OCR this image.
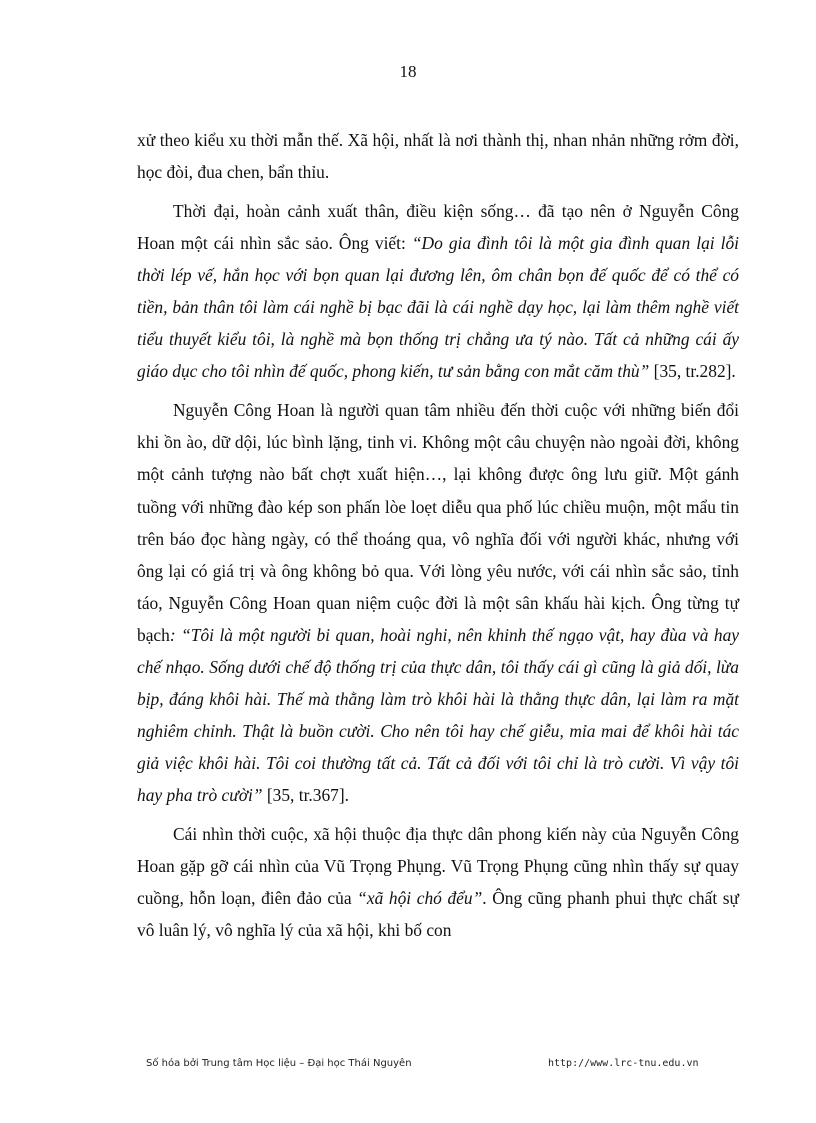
18

xử theo kiểu xu thời mẫn thế. Xã hội, nhất là nơi thành thị, nhan nhản những rởm đời, học đòi, đua chen, bẩn thỉu.

Thời đại, hoàn cảnh xuất thân, điều kiện sống… đã tạo nên ở Nguyễn Công Hoan một cái nhìn sắc sảo. Ông viết: “Do gia đình tôi là một gia đình quan lại lỗi thời lép vế, hắn học với bọn quan lại đương lên, ôm chân bọn đế quốc để có thể có tiền, bản thân tôi làm cái nghề bị bạc đãi là cái nghề dạy học, lại làm thêm nghề viết tiểu thuyết kiểu tôi, là nghề mà bọn thống trị chẳng ưa tý nào. Tất cả những cái ấy giáo dục cho tôi nhìn đế quốc, phong kiến, tư sản bằng con mắt căm thù” [35, tr.282].

Nguyễn Công Hoan là người quan tâm nhiều đến thời cuộc với những biến đổi khi ồn ào, dữ dội, lúc bình lặng, tinh vi. Không một câu chuyện nào ngoài đời, không một cảnh tượng nào bất chợt xuất hiện…, lại không được ông lưu giữ. Một gánh tuồng với những đào kép son phấn lòe loẹt diễu qua phố lúc chiều muộn, một mẩu tin trên báo đọc hàng ngày, có thể thoáng qua, vô nghĩa đối với người khác, nhưng với ông lại có giá trị và ông không bỏ qua. Với lòng yêu nước, với cái nhìn sắc sảo, tỉnh táo, Nguyễn Công Hoan quan niệm cuộc đời là một sân khấu hài kịch. Ông từng tự bạch: “Tôi là một người bi quan, hoài nghi, nên khinh thế ngạo vật, hay đùa và hay chế nhạo. Sống dưới chế độ thống trị của thực dân, tôi thấy cái gì cũng là giả dối, lừa bịp, đáng khôi hài. Thế mà thằng làm trò khôi hài là thằng thực dân, lại làm ra mặt nghiêm chỉnh. Thật là buồn cười. Cho nên tôi hay chế giễu, mỉa mai để khôi hài tác giả việc khôi hài. Tôi coi thường tất cả. Tất cả đối với tôi chỉ là trò cười. Vì vậy tôi hay pha trò cười” [35, tr.367].

Cái nhìn thời cuộc, xã hội thuộc địa thực dân phong kiến này của Nguyễn Công Hoan gặp gỡ cái nhìn của Vũ Trọng Phụng. Vũ Trọng Phụng cũng nhìn thấy sự quay cuồng, hỗn loạn, điên đảo của “xã hội chó đểu”. Ông cũng phanh phui thực chất sự vô luân lý, vô nghĩa lý của xã hội, khi bố con

Số hóa bởi Trung tâm Học liệu – Đại học Thái Nguyên	http://www.lrc-tnu.edu.vn
